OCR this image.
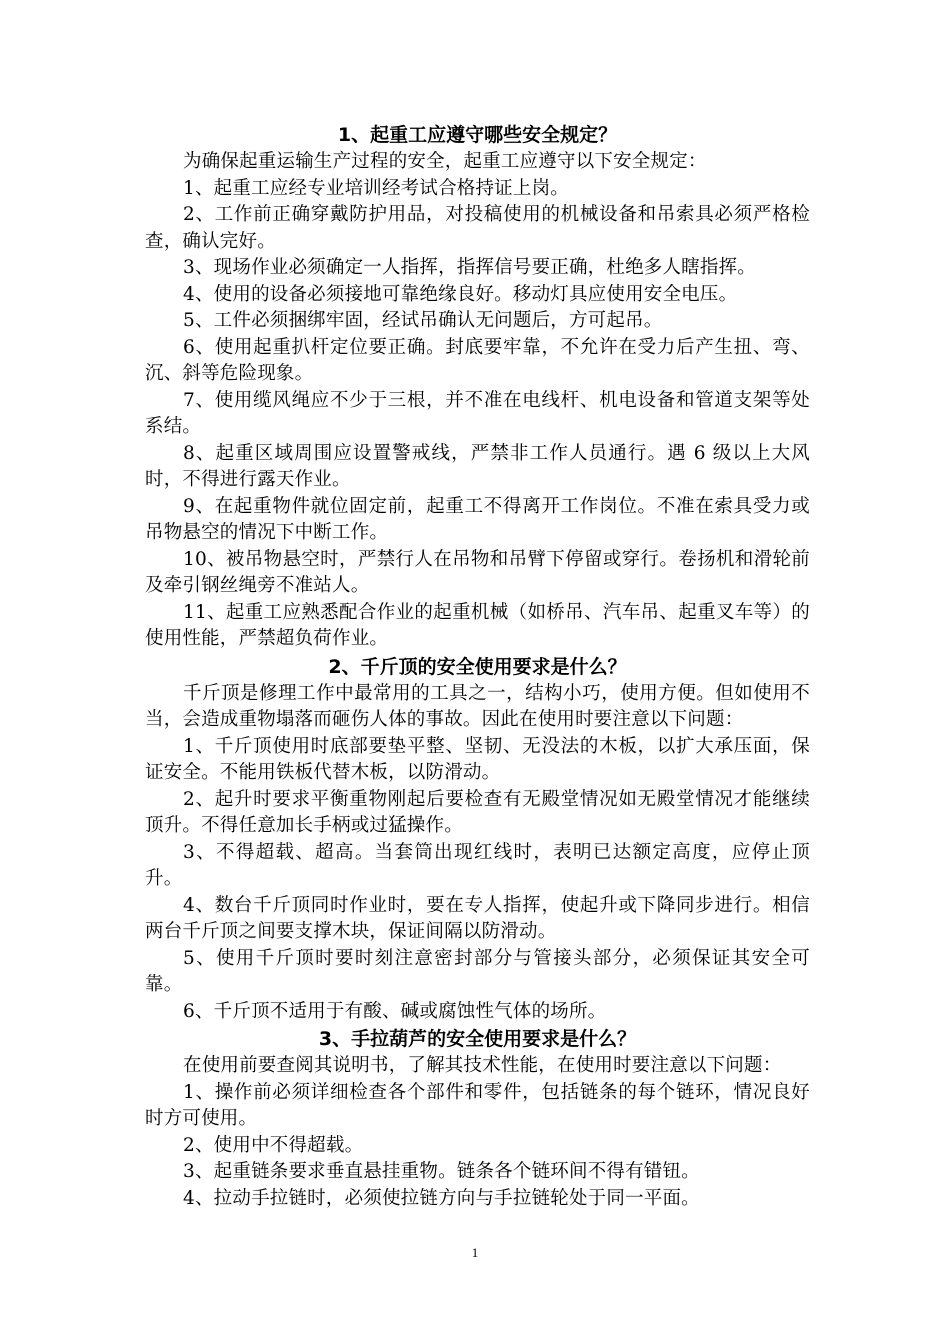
1、起重工应遵守哪些安全规定？

为确保起重运输生产过程的安全，起重工应遵守以下安全规定：

1、起重工应经专业培训经考试合格持证上岗。

2、工作前正确穿戴防护用品，对投稿使用的机械设备和吊索具必须严格检查，确认完好。

3、现场作业必须确定一人指挥，指挥信号要正确，杜绝多人瞎指挥。

4、使用的设备必须接地可靠绝缘良好。移动灯具应使用安全电压。

5、工件必须捆绑牢固，经试吊确认无问题后，方可起吊。

6、使用起重扒杆定位要正确。封底要牢靠，不允许在受力后产生扭、弯、沉、斜等危险现象。

7、使用缆风绳应不少于三根，并不准在电线杆、机电设备和管道支架等处系结。

8、起重区域周围应设置警戒线，严禁非工作人员通行。遇 6 级以上大风时，不得进行露天作业。

9、在起重物件就位固定前，起重工不得离开工作岗位。不准在索具受力或吊物悬空的情况下中断工作。

10、被吊物悬空时，严禁行人在吊物和吊臂下停留或穿行。卷扬机和滑轮前及牵引钢丝绳旁不准站人。

11、起重工应熟悉配合作业的起重机械（如桥吊、汽车吊、起重叉车等）的使用性能，严禁超负荷作业。

2、千斤顶的安全使用要求是什么？

千斤顶是修理工作中最常用的工具之一，结构小巧，使用方便。但如使用不当，会造成重物塌落而砸伤人体的事故。因此在使用时要注意以下问题：

1、千斤顶使用时底部要垫平整、坚韧、无没法的木板，以扩大承压面，保证安全。不能用铁板代替木板，以防滑动。

2、起升时要求平衡重物刚起后要检查有无殿堂情况如无殿堂情况才能继续顶升。不得任意加长手柄或过猛操作。

3、不得超载、超高。当套筒出现红线时，表明已达额定高度，应停止顶升。

4、数台千斤顶同时作业时，要在专人指挥，使起升或下降同步进行。相信两台千斤顶之间要支撑木块，保证间隔以防滑动。

5、使用千斤顶时要时刻注意密封部分与管接头部分，必须保证其安全可靠。

6、千斤顶不适用于有酸、碱或腐蚀性气体的场所。

3、手拉葫芦的安全使用要求是什么？

在使用前要查阅其说明书，了解其技术性能，在使用时要注意以下问题：

1、操作前必须详细检查各个部件和零件，包括链条的每个链环，情况良好时方可使用。

2、使用中不得超载。

3、起重链条要求垂直悬挂重物。链条各个链环间不得有错钮。

4、拉动手拉链时，必须使拉链方向与手拉链轮处于同一平面。

1
